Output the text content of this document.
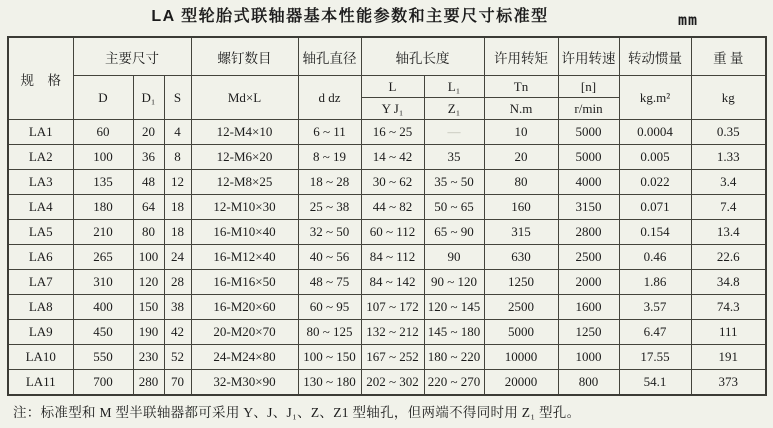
LA 型轮胎式联轴器基本性能参数和主要尺寸标准型	mm
规　格	主要尺寸			螺钉数目	轴孔直径	轴孔长度		许用转矩	许用转速	转动惯量	重 量
	D	D₁	S	Md×L	d dz	L	L₁	Tn	[n]	kg.m²	kg
						Y J₁	Z₁	N.m	r/min		
LA1	60	20	4	12-M4×10	6 ~ 11	16 ~ 25	—	10	5000	0.0004	0.35
LA2	100	36	8	12-M6×20	8 ~ 19	14 ~ 42	35	20	5000	0.005	1.33
LA3	135	48	12	12-M8×25	18 ~ 28	30 ~ 62	35 ~ 50	80	4000	0.022	3.4
LA4	180	64	18	12-M10×30	25 ~ 38	44 ~ 82	50 ~ 65	160	3150	0.071	7.4
LA5	210	80	18	16-M10×40	32 ~ 50	60 ~ 112	65 ~ 90	315	2800	0.154	13.4
LA6	265	100	24	16-M12×40	40 ~ 56	84 ~ 112	90	630	2500	0.46	22.6
LA7	310	120	28	16-M16×50	48 ~ 75	84 ~ 142	90 ~ 120	1250	2000	1.86	34.8
LA8	400	150	38	16-M20×60	60 ~ 95	107 ~ 172	120 ~ 145	2500	1600	3.57	74.3
LA9	450	190	42	20-M20×70	80 ~ 125	132 ~ 212	145 ~ 180	5000	1250	6.47	111
LA10	550	230	52	24-M24×80	100 ~ 150	167 ~ 252	180 ~ 220	10000	1000	17.55	191
LA11	700	280	70	32-M30×90	130 ~ 180	202 ~ 302	220 ~ 270	20000	800	54.1	373
注：标准型和 M 型半联轴器都可采用 Y、J、J₁、Z、Z1 型轴孔，但两端不得同时用 Z₁ 型孔。
